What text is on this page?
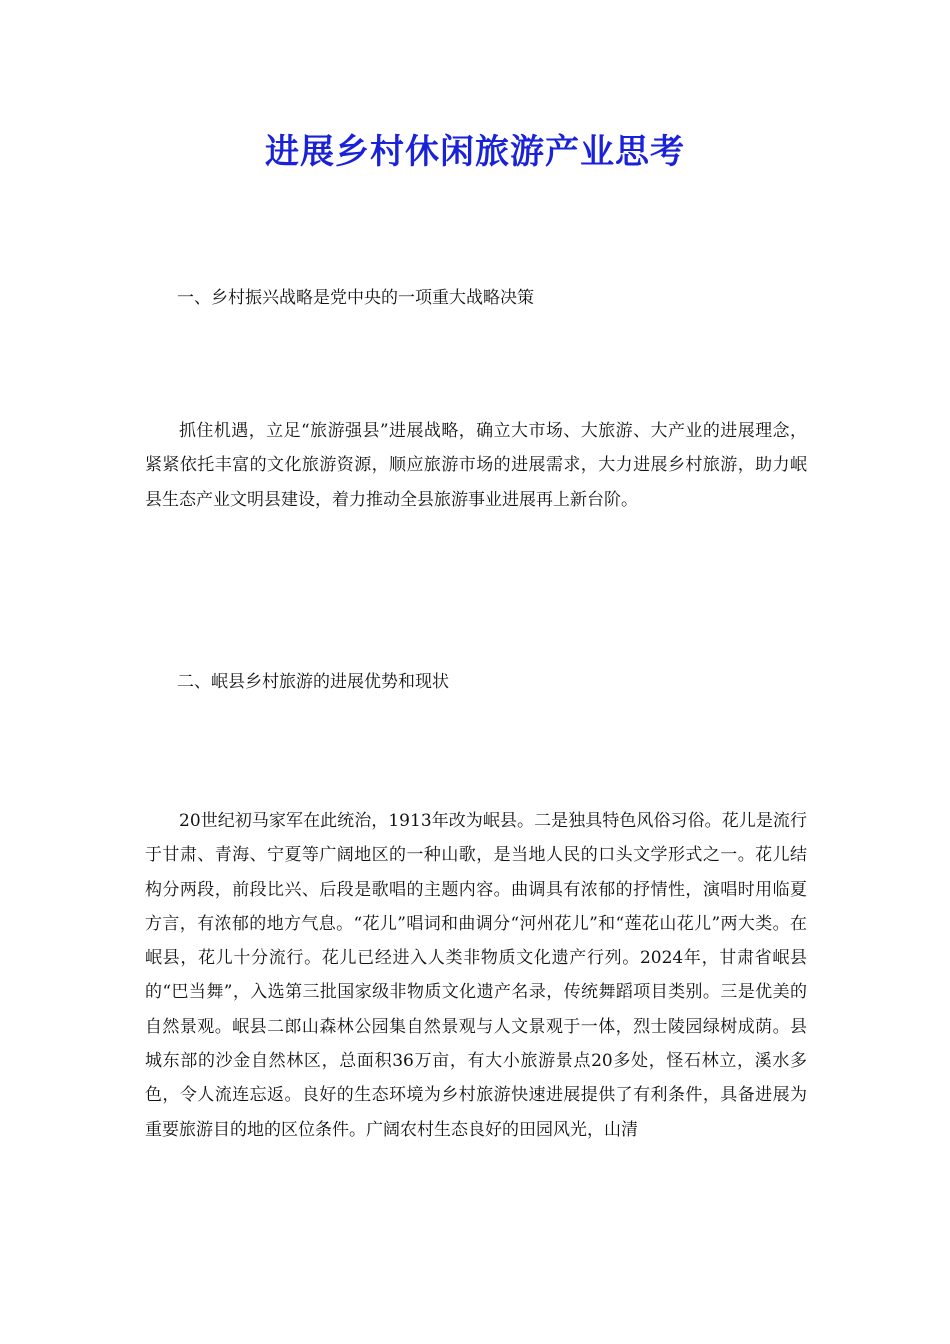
进展乡村休闲旅游产业思考

一、乡村振兴战略是党中央的一项重大战略决策

抓住机遇，立足“旅游强县”进展战略，确立大市场、大旅游、大产业的进展理念，紧紧依托丰富的文化旅游资源，顺应旅游市场的进展需求，大力进展乡村旅游，助力岷县生态产业文明县建设，着力推动全县旅游事业进展再上新台阶。

二、岷县乡村旅游的进展优势和现状

20世纪初马家军在此统治，1913年改为岷县。二是独具特色风俗习俗。花儿是流行于甘肃、青海、宁夏等广阔地区的一种山歌，是当地人民的口头文学形式之一。花儿结构分两段，前段比兴、后段是歌唱的主题内容。曲调具有浓郁的抒情性，演唱时用临夏方言，有浓郁的地方气息。“花儿”唱词和曲调分“河州花儿”和“莲花山花儿”两大类。在岷县，花儿十分流行。花儿已经进入人类非物质文化遗产行列。2024年，甘肃省岷县的“巴当舞”，入选第三批国家级非物质文化遗产名录，传统舞蹈项目类别。三是优美的自然景观。岷县二郎山森林公园集自然景观与人文景观于一体，烈士陵园绿树成荫。县城东部的沙金自然林区，总面积36万亩，有大小旅游景点20多处，怪石林立，溪水多色，令人流连忘返。良好的生态环境为乡村旅游快速进展提供了有利条件，具备进展为重要旅游目的地的区位条件。广阔农村生态良好的田园风光，山清
